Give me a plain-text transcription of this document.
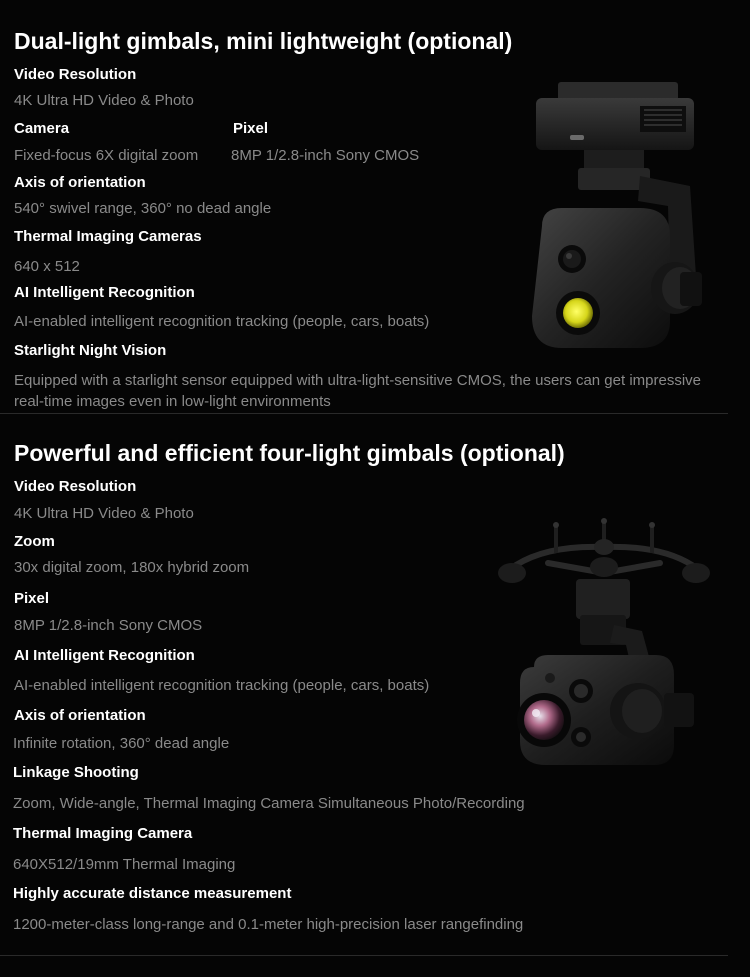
Dual-light gimbals, mini lightweight (optional)
Video Resolution
4K Ultra HD Video & Photo
Camera	Pixel
Fixed-focus 6X digital zoom 8MP 1/2.8-inch Sony CMOS
Axis of orientation
540° swivel range, 360° no dead angle
Thermal Imaging Cameras
640 x 512
AI Intelligent Recognition
AI-enabled intelligent recognition tracking (people, cars, boats)
Starlight Night Vision
Equipped with a starlight sensor equipped with ultra-light-sensitive CMOS, the users can get impressive real-time images even in low-light environments
Powerful and efficient four-light gimbals (optional)
Video Resolution
4K Ultra HD Video & Photo
Zoom
30x digital zoom, 180x hybrid zoom
Pixel
8MP 1/2.8-inch Sony CMOS
AI Intelligent Recognition
AI-enabled intelligent recognition tracking (people, cars, boats)
Axis of orientation
Infinite rotation, 360° dead angle
Linkage Shooting
Zoom, Wide-angle, Thermal Imaging Camera Simultaneous Photo/Recording
Thermal Imaging Camera
640X512/19mm Thermal Imaging
Highly accurate distance measurement
1200-meter-class long-range and 0.1-meter high-precision laser rangefinding
